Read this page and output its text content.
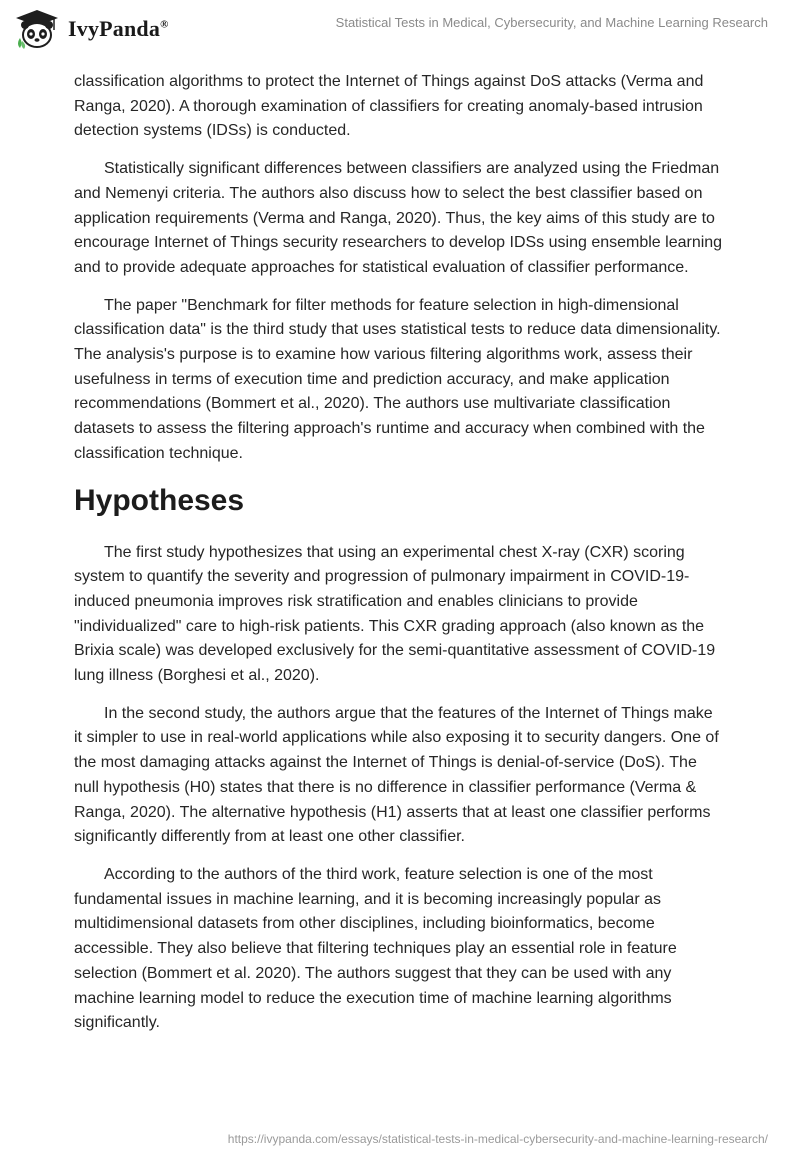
IvyPanda®	Statistical Tests in Medical, Cybersecurity, and Machine Learning Research

classification algorithms to protect the Internet of Things against DoS attacks (Verma and Ranga, 2020). A thorough examination of classifiers for creating anomaly-based intrusion detection systems (IDSs) is conducted.

Statistically significant differences between classifiers are analyzed using the Friedman and Nemenyi criteria. The authors also discuss how to select the best classifier based on application requirements (Verma and Ranga, 2020). Thus, the key aims of this study are to encourage Internet of Things security researchers to develop IDSs using ensemble learning and to provide adequate approaches for statistical evaluation of classifier performance.

The paper "Benchmark for filter methods for feature selection in high-dimensional classification data" is the third study that uses statistical tests to reduce data dimensionality. The analysis's purpose is to examine how various filtering algorithms work, assess their usefulness in terms of execution time and prediction accuracy, and make application recommendations (Bommert et al., 2020). The authors use multivariate classification datasets to assess the filtering approach's runtime and accuracy when combined with the classification technique.

Hypotheses

The first study hypothesizes that using an experimental chest X-ray (CXR) scoring system to quantify the severity and progression of pulmonary impairment in COVID-19-induced pneumonia improves risk stratification and enables clinicians to provide "individualized" care to high-risk patients. This CXR grading approach (also known as the Brixia scale) was developed exclusively for the semi-quantitative assessment of COVID-19 lung illness (Borghesi et al., 2020).

In the second study, the authors argue that the features of the Internet of Things make it simpler to use in real-world applications while also exposing it to security dangers. One of the most damaging attacks against the Internet of Things is denial-of-service (DoS). The null hypothesis (H0) states that there is no difference in classifier performance (Verma & Ranga, 2020). The alternative hypothesis (H1) asserts that at least one classifier performs significantly differently from at least one other classifier.

According to the authors of the third work, feature selection is one of the most fundamental issues in machine learning, and it is becoming increasingly popular as multidimensional datasets from other disciplines, including bioinformatics, become accessible. They also believe that filtering techniques play an essential role in feature selection (Bommert et al. 2020). The authors suggest that they can be used with any machine learning model to reduce the execution time of machine learning algorithms significantly.

https://ivypanda.com/essays/statistical-tests-in-medical-cybersecurity-and-machine-learning-research/
